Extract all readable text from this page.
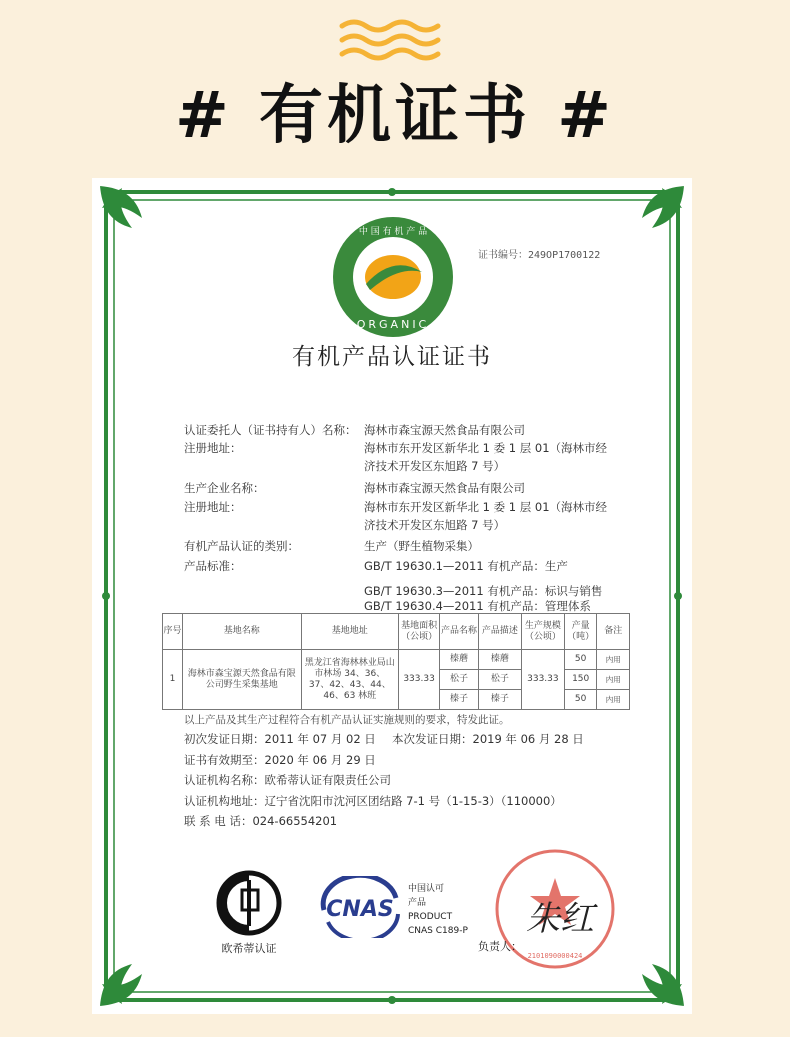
# 有机证书 #
中 国 有 机 产 品
ORGANIC
证书编号：249OP1700122
有机产品认证证书
认证委托人（证书持有人）名称： 海林市森宝源天然食品有限公司
注册地址：	海林市东开发区新华北 1 委 1 层 01（海林市经
济技术开发区东旭路 7 号）
生产企业名称：	海林市森宝源天然食品有限公司
注册地址：	海林市东开发区新华北 1 委 1 层 01（海林市经
济技术开发区东旭路 7 号）
有机产品认证的类别：	生产（野生植物采集）
产品标准：	GB/T 19630.1—2011 有机产品：生产
GB/T 19630.3—2011 有机产品：标识与销售
GB/T 19630.4—2011 有机产品：管理体系
序号	基地名称	基地地址	基地面积（公顷）	产品名称	产品描述	生产规模（公顷）	产量（吨）	备注
1	海林市森宝源天然食品有限公司野生采集基地	黑龙江省海林林业局山市林场 34、36、37、42、43、44、46、63 林班	333.33	榛蘑	榛蘑	333.33	50	内用
				松子	松子		150	内用
				榛子	榛子		50	内用
以上产品及其生产过程符合有机产品认证实施规则的要求，特发此证。
初次发证日期：2011 年 07 月 02 日 本次发证日期：2019 年 06 月 28 日
证书有效期至：2020 年 06 月 29 日
认证机构名称：欧希蒂认证有限责任公司
认证机构地址：辽宁省沈阳市沈河区团结路 7-1 号（1-15-3）（110000）
联 系 电 话：024-66554201
欧希蒂认证
CNAS
中国认可
产品
PRODUCT
CNAS C189-P
2101090000424
朱红
负责人：
